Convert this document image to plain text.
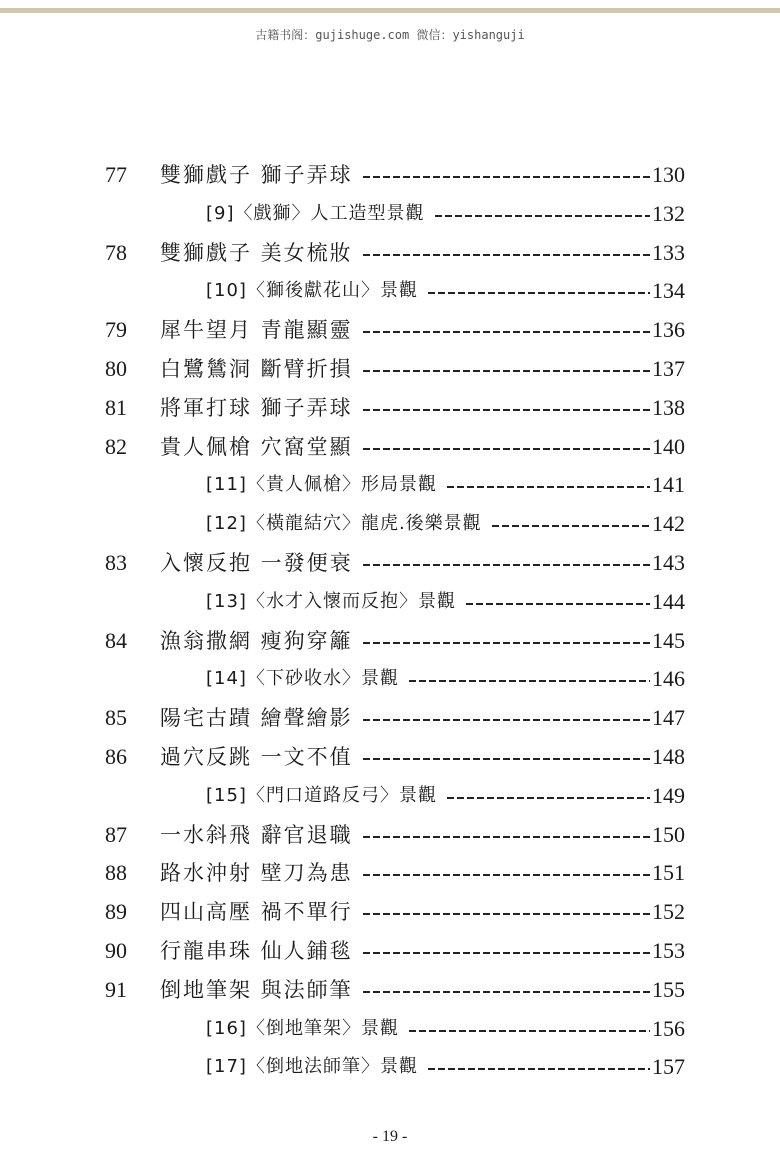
古籍书阁：gujishuge.com 微信：yishanguji
77	雙獅戲子 獅子弄球	130
[9]〈戲獅〉人工造型景觀	132
78	雙獅戲子 美女梳妝	133
[10]〈獅後獻花山〉景觀	134
79	犀牛望月 青龍顯靈	136
80	白鷺鷥洞 斷臂折損	137
81	將軍打球 獅子弄球	138
82	貴人佩槍 穴窩堂顯	140
[11]〈貴人佩槍〉形局景觀	141
[12]〈橫龍結穴〉龍虎.後樂景觀	142
83	入懷反抱 一發便衰	143
[13]〈水才入懷而反抱〉景觀	144
84	漁翁撒網 瘦狗穿籬	145
[14]〈下砂收水〉景觀	146
85	陽宅古蹟 繪聲繪影	147
86	過穴反跳 一文不值	148
[15]〈門口道路反弓〉景觀	149
87	一水斜飛 辭官退職	150
88	路水沖射 壁刀為患	151
89	四山高壓 禍不單行	152
90	行龍串珠 仙人鋪毯	153
91	倒地筆架 與法師筆	155
[16]〈倒地筆架〉景觀	156
[17]〈倒地法師筆〉景觀	157
- 19 -
